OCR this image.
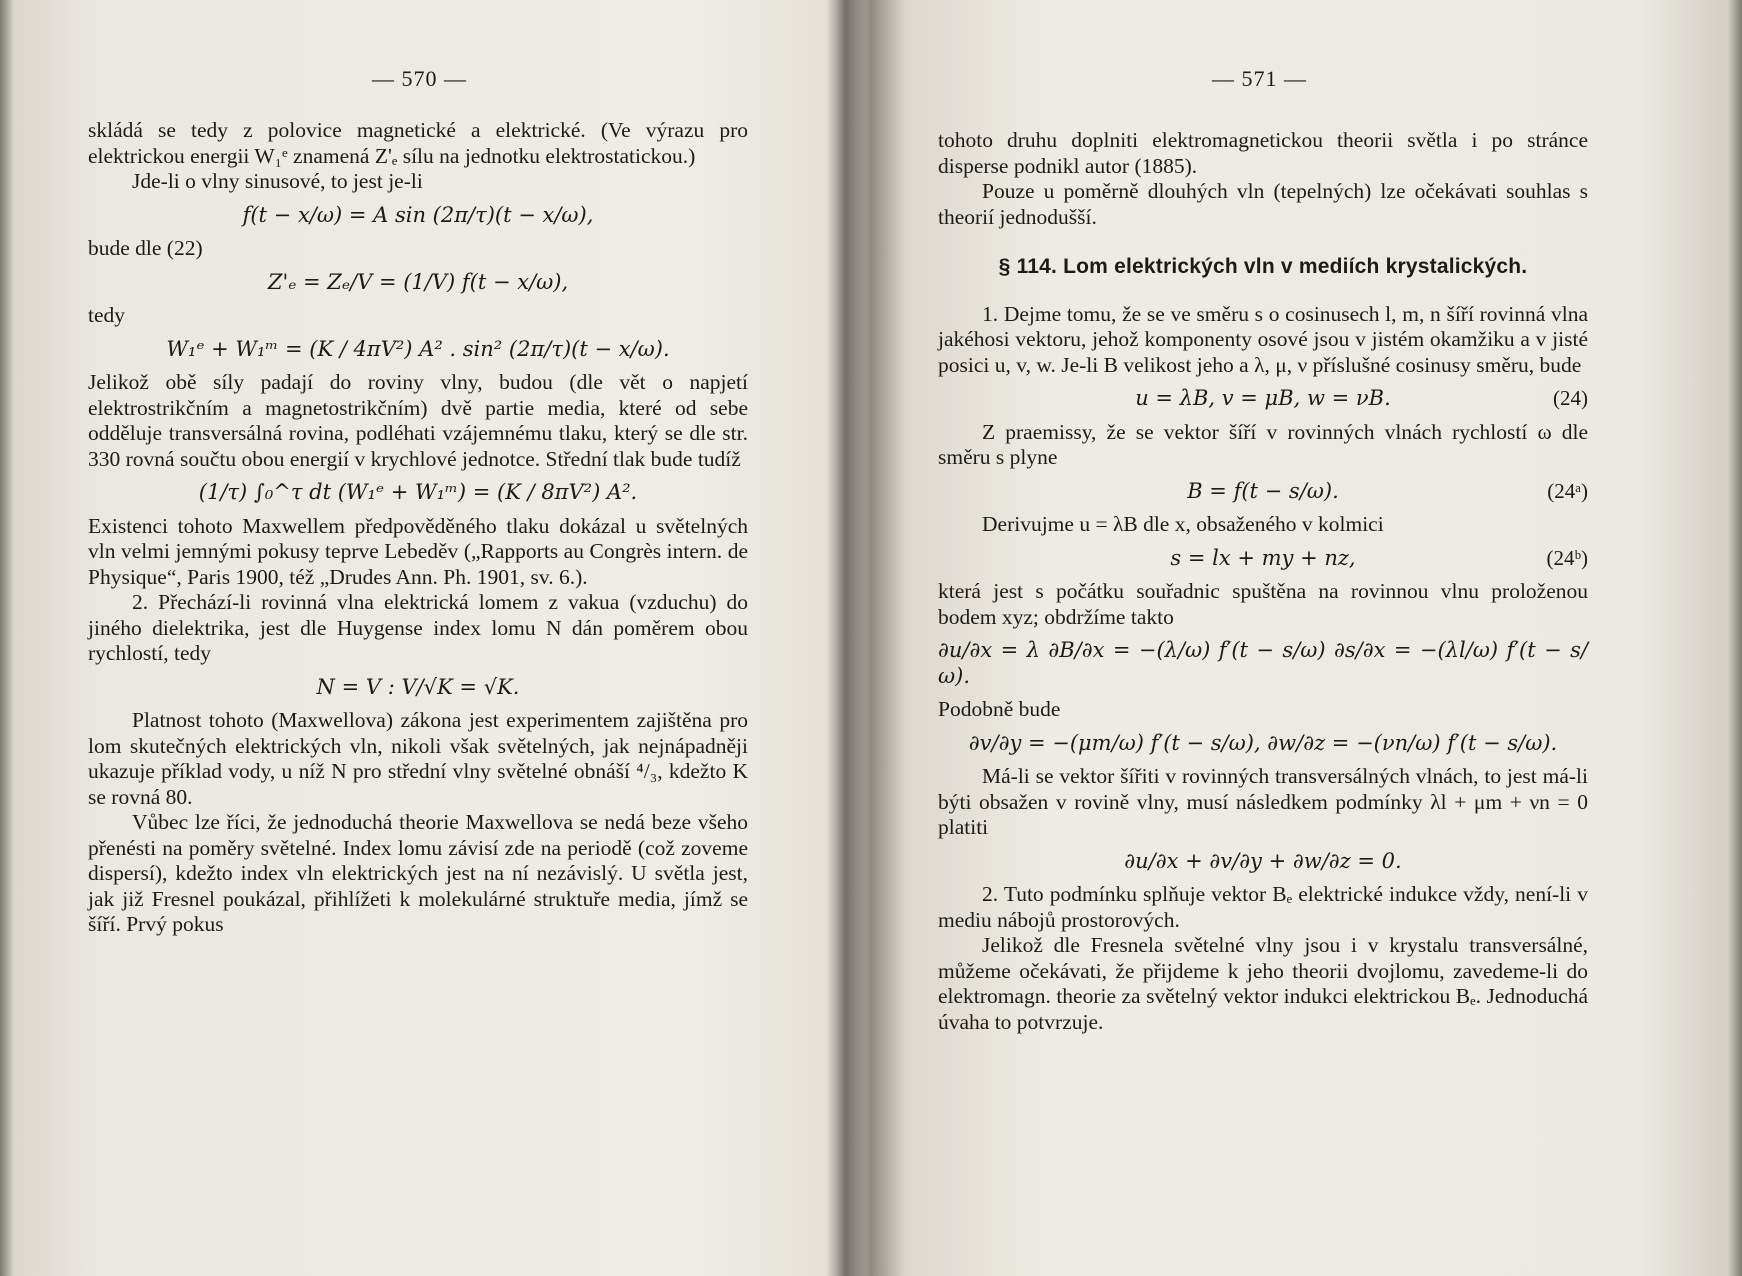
— 570 —

skládá se tedy z polovice magnetické a elektrické. (Ve výrazu pro elektrickou energii W₁ᵉ znamená Z'ₑ sílu na jednotku elektrostatickou.)

Jde-li o vlny sinusové, to jest je-li

f(t − x/ω) = A sin (2π/τ)(t − x/ω),

bude dle (22)

Z'ₑ = Zₑ/V = (1/V) f(t − x/ω),

tedy

W₁ᵉ + W₁ᵐ = (K / 4πV²) A² . sin² (2π/τ)(t − x/ω).

Jelikož obě síly padají do roviny vlny, budou (dle vět o napjetí elektrostrikčním a magnetostrikčním) dvě partie media, které od sebe odděluje transversálná rovina, podléhati vzájemnému tlaku, který se dle str. 330 rovná součtu obou energií v krychlové jednotce. Střední tlak bude tudíž

(1/τ) ∫₀^τ dt (W₁ᵉ + W₁ᵐ) = (K / 8πV²) A².

Existenci tohoto Maxwellem předpověděného tlaku dokázal u světelných vln velmi jemnými pokusy teprve Lebeděv („Rapports au Congrès intern. de Physique“, Paris 1900, též „Drudes Ann. Ph. 1901, sv. 6.).

2. Přechází-li rovinná vlna elektrická lomem z vakua (vzduchu) do jiného dielektrika, jest dle Huygense index lomu N dán poměrem obou rychlostí, tedy

N = V : V/√K = √K.

Platnost tohoto (Maxwellova) zákona jest experimentem zajištěna pro lom skutečných elektrických vln, nikoli však světelných, jak nejnápadněji ukazuje příklad vody, u níž N pro střední vlny světelné obnáší ⁴/₃, kdežto K se rovná 80.

Vůbec lze říci, že jednoduchá theorie Maxwellova se nedá beze všeho přenésti na poměry světelné. Index lomu závisí zde na periodě (což zoveme dispersí), kdežto index vln elektrických jest na ní nezávislý. U světla jest, jak již Fresnel poukázal, přihlížeti k molekulárné struktuře media, jímž se šíří. Prvý pokus

— 571 —

tohoto druhu doplniti elektromagnetickou theorii světla i po stránce disperse podnikl autor (1885).

Pouze u poměrně dlouhých vln (tepelných) lze očekávati souhlas s theorií jednodušší.

§ 114. Lom elektrických vln v mediích krystalických.

1. Dejme tomu, že se ve směru s o cosinusech l, m, n šíří rovinná vlna jakéhosi vektoru, jehož komponenty osové jsou v jistém okamžiku a v jisté posici u, v, w. Je-li B velikost jeho a λ, μ, ν příslušné cosinusy směru, bude

u = λB, v = μB, w = νB.	(24)

Z praemissy, že se vektor šíří v rovinných vlnách rychlostí ω dle směru s plyne

B = f(t − s/ω).	(24ᵃ)

Derivujme u = λB dle x, obsaženého v kolmici

s = lx + my + nz,	(24ᵇ)

která jest s počátku souřadnic spuštěna na rovinnou vlnu proloženou bodem xyz; obdržíme takto

∂u/∂x = λ ∂B/∂x = −(λ/ω) f′(t − s/ω) ∂s/∂x = −(λl/ω) f′(t − s/ω).

Podobně bude

∂v/∂y = −(μm/ω) f′(t − s/ω), ∂w/∂z = −(νn/ω) f′(t − s/ω).

Má-li se vektor šířiti v rovinných transversálných vlnách, to jest má-li býti obsažen v rovině vlny, musí následkem podmínky λl + μm + νn = 0 platiti

∂u/∂x + ∂v/∂y + ∂w/∂z = 0.

2. Tuto podmínku splňuje vektor Bₑ elektrické indukce vždy, není-li v mediu nábojů prostorových.

Jelikož dle Fresnela světelné vlny jsou i v krystalu transversálné, můžeme očekávati, že přijdeme k jeho theorii dvojlomu, zavedeme-li do elektromagn. theorie za světelný vektor indukci elektrickou Bₑ. Jednoduchá úvaha to potvrzuje.
